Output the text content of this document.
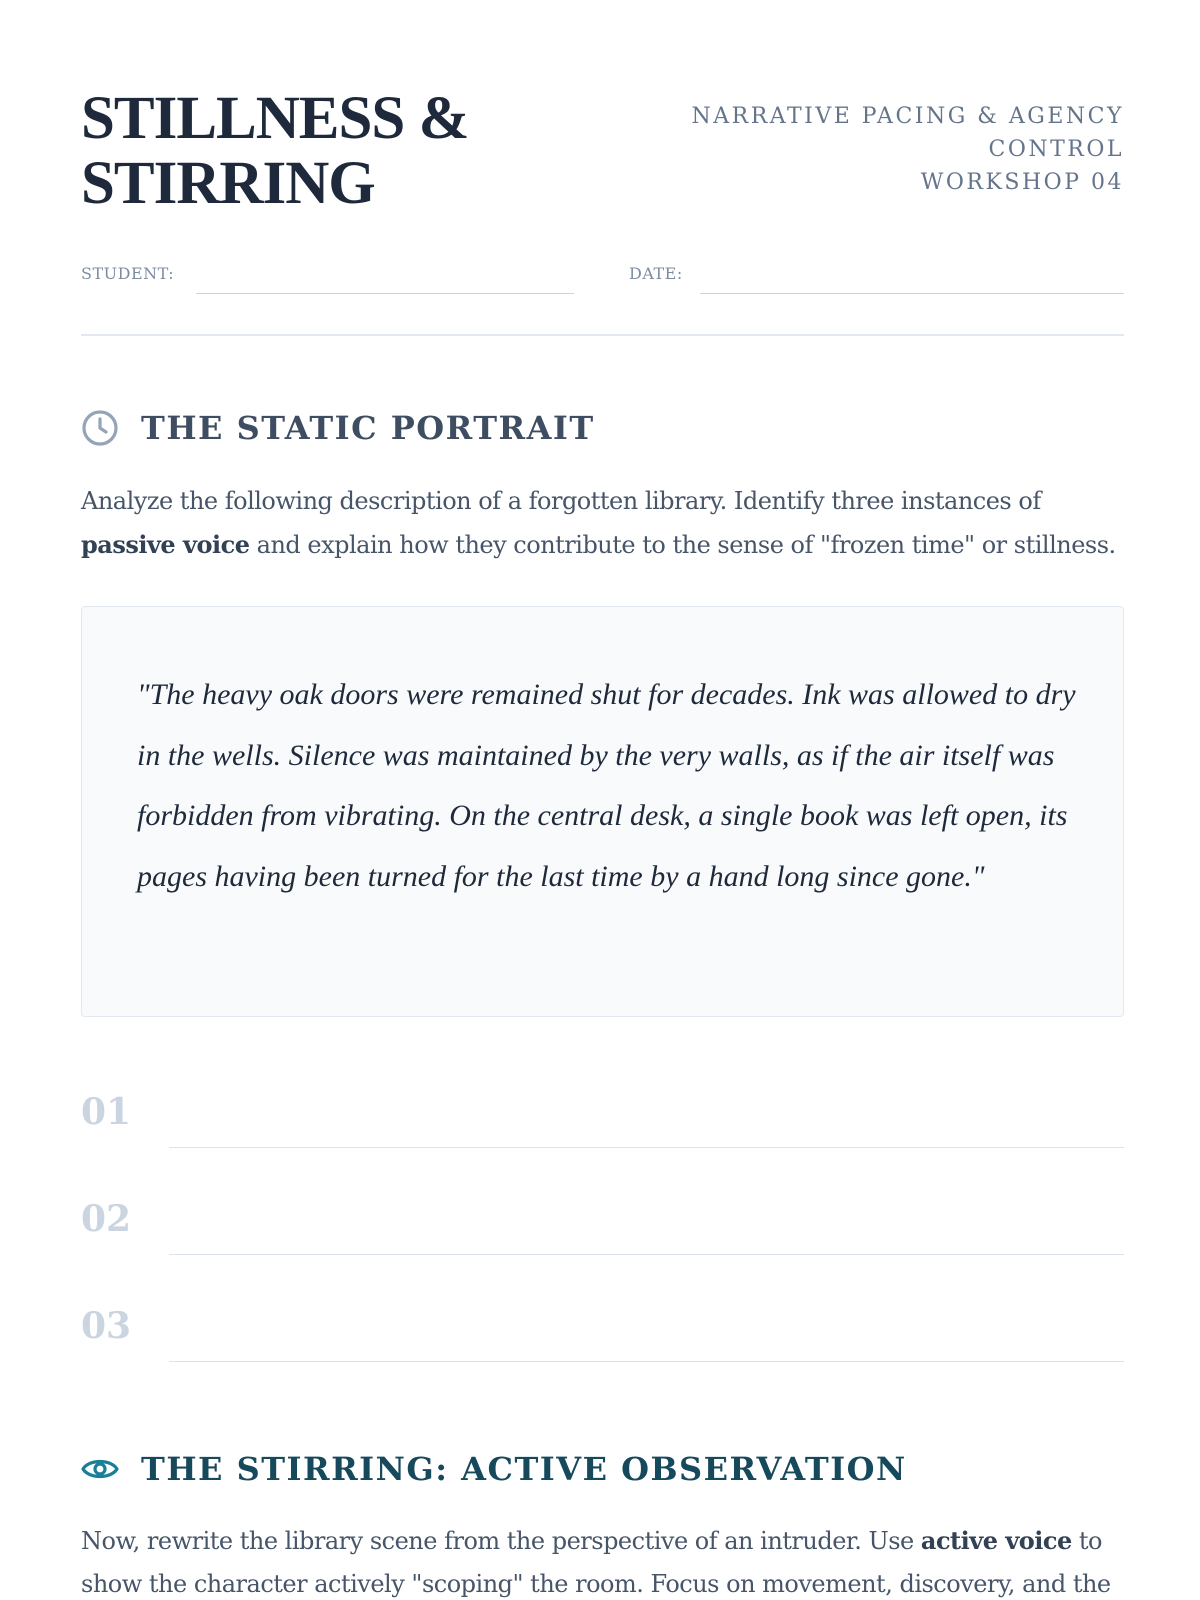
STILLNESS &
STIRRING
NARRATIVE PACING & AGENCY
CONTROL
WORKSHOP 04
STUDENT:	DATE:
THE STATIC PORTRAIT

Analyze the following description of a forgotten library. Identify three instances of passive voice and explain how they contribute to the sense of "frozen time" or stillness.

"The heavy oak doors were remained shut for decades. Ink was allowed to dry in the wells. Silence was maintained by the very walls, as if the air itself was forbidden from vibrating. On the central desk, a single book was left open, its pages having been turned for the last time by a hand long since gone."

01
02
03
THE STIRRING: ACTIVE OBSERVATION

Now, rewrite the library scene from the perspective of an intruder. Use active voice to show the character actively "scoping" the room. Focus on movement, discovery, and the
